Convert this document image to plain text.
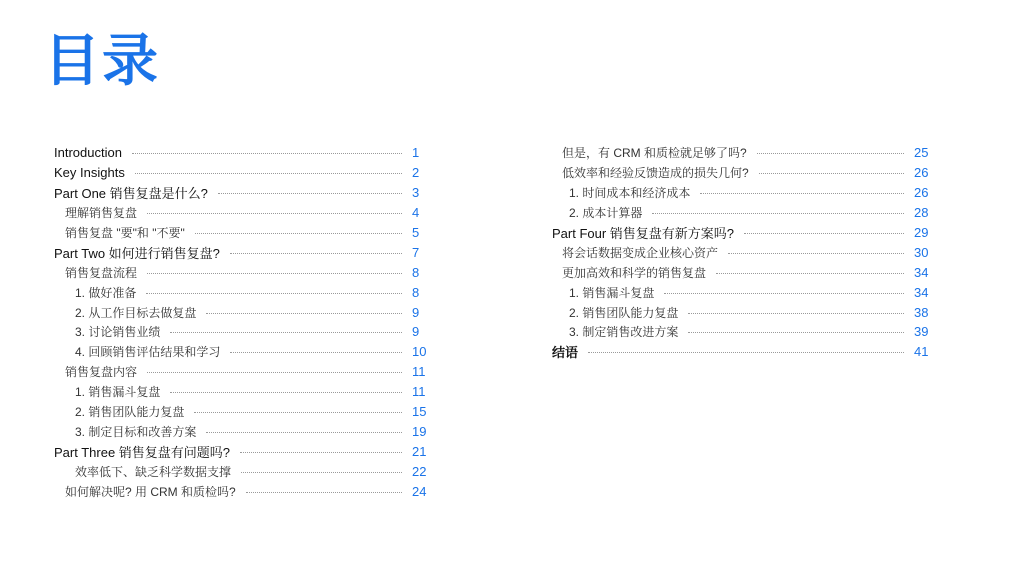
目录
Introduction	1
Key Insights	2
Part One 销售复盘是什么?	3
理解销售复盘	4
销售复盘 "要"和 "不要"	5
Part Two 如何进行销售复盘?	7
销售复盘流程	8
1. 做好准备	8
2. 从工作目标去做复盘	9
3. 讨论销售业绩	9
4. 回顾销售评估结果和学习	10
销售复盘内容	11
1. 销售漏斗复盘	11
2. 销售团队能力复盘	15
3. 制定目标和改善方案	19
Part Three 销售复盘有问题吗?	21
效率低下、缺乏科学数据支撑	22
如何解决呢? 用 CRM 和质检吗?	24
但是，有 CRM 和质检就足够了吗?	25
低效率和经验反馈造成的损失几何?	26
1. 时间成本和经济成本	26
2. 成本计算器	28
Part Four 销售复盘有新方案吗?	29
将会话数据变成企业核心资产	30
更加高效和科学的销售复盘	34
1. 销售漏斗复盘	34
2. 销售团队能力复盘	38
3. 制定销售改进方案	39
结语	41
